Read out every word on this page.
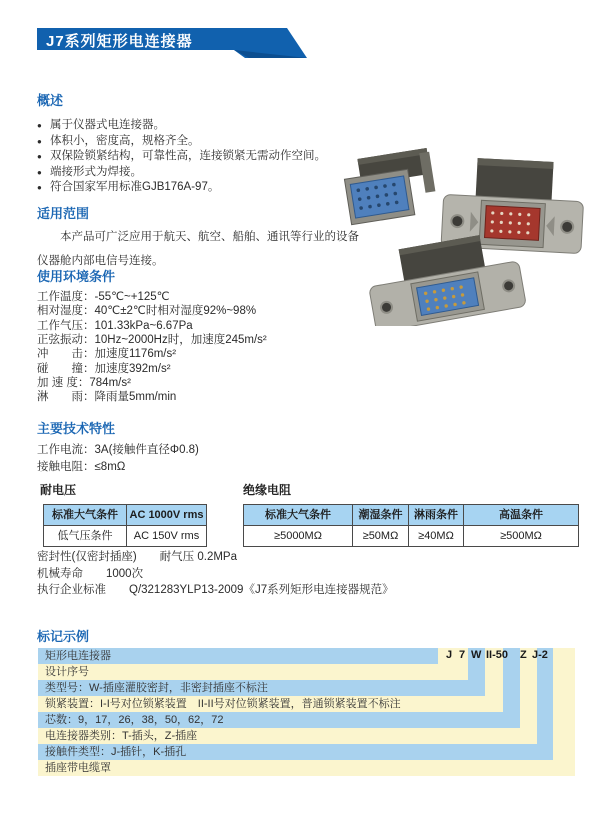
J7系列矩形电连接器
概述
● 属于仪器式电连接器。
● 体积小，密度高，规格齐全。
● 双保险锁紧结构，可靠性高，连接锁紧无需动作空间。
● 端接形式为焊接。
● 符合国家军用标准GJB176A-97。
适用范围

本产品可广泛应用于航天、航空、船舶、通讯等行业的设备

仪器舱内部电信号连接。

使用环境条件
工作温度：-55℃~+125℃
相对湿度：40℃±2℃时相对湿度92%~98%
工作气压：101.33kPa~6.67Pa
正弦振动：10Hz~2000Hz时，加速度245m/s²
冲　　击：加速度1176m/s²
碰　　撞：加速度392m/s²
加 速 度：784m/s²
淋　　雨：降雨量5mm/min
主要技术特性
工作电流：3A(接触件直径Φ0.8)
接触电阻：≤8mΩ
耐电压
标准大气条件	AC 1000V rms
低气压条件	AC 150V rms
绝缘电阻
标准大气条件	潮湿条件	淋雨条件	高温条件
≥5000MΩ	≥50MΩ	≥40MΩ	≥500MΩ
密封性(仅密封插座)　　耐气压 0.2MPa
机械寿命　　1000次
执行企业标准　　Q/321283YLP13-2009《J7系列矩形电连接器规范》
标记示例
矩形电连接器
设计序号
类型号：W-插座灌胶密封，非密封插座不标注
锁紧装置：I-I号对位锁紧装置　II-II号对位锁紧装置，普通锁紧装置不标注
芯数：9，17，26，38，50，62，72
电连接器类别：T-插头，Z-插座
接触件类型：J-插针，K-插孔
插座带电缆罩
J 7 W II-50 Z J-2
